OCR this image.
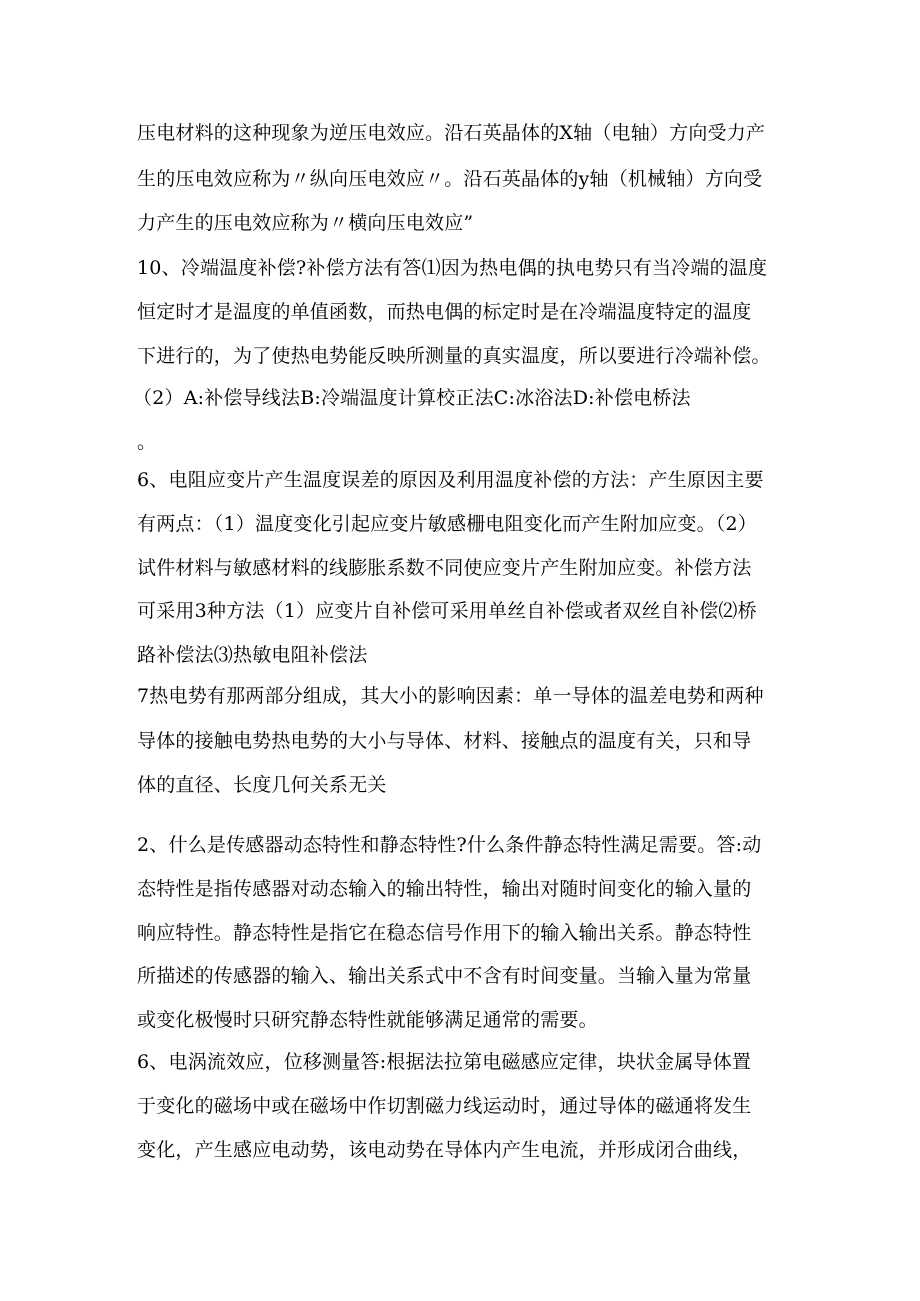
压电材料的这种现象为逆压电效应。沿石英晶体的X轴（电轴）方向受力产
生的压电效应称为〃纵向压电效应〃。沿石英晶体的y轴（机械轴）方向受
力产生的压电效应称为〃横向压电效应”
10、冷端温度补偿?补偿方法有答⑴因为热电偶的执电势只有当冷端的温度
恒定时才是温度的单值函数，而热电偶的标定时是在冷端温度特定的温度
下进行的，为了使热电势能反映所测量的真实温度，所以要进行冷端补偿。
（2）A:补偿导线法B:冷端温度计算校正法C:冰浴法D:补偿电桥法
。
6、电阻应变片产生温度误差的原因及利用温度补偿的方法：产生原因主要
有两点：（1）温度变化引起应变片敏感栅电阻变化而产生附加应变。（2）
试件材料与敏感材料的线膨胀系数不同使应变片产生附加应变。补偿方法
可采用3种方法（1）应变片自补偿可采用单丝自补偿或者双丝自补偿⑵桥
路补偿法⑶热敏电阻补偿法
7热电势有那两部分组成，其大小的影响因素：单一导体的温差电势和两种
导体的接触电势热电势的大小与导体、材料、接触点的温度有关，只和导
体的直径、长度几何关系无关
2、什么是传感器动态特性和静态特性?什么条件静态特性满足需要。答:动
态特性是指传感器对动态输入的输出特性，输出对随时间变化的输入量的
响应特性。静态特性是指它在稳态信号作用下的输入输出关系。静态特性
所描述的传感器的输入、输出关系式中不含有时间变量。当输入量为常量
或变化极慢时只研究静态特性就能够满足通常的需要。
6、电涡流效应，位移测量答:根据法拉第电磁感应定律，块状金属导体置
于变化的磁场中或在磁场中作切割磁力线运动时，通过导体的磁通将发生
变化，产生感应电动势，该电动势在导体内产生电流，并形成闭合曲线，
